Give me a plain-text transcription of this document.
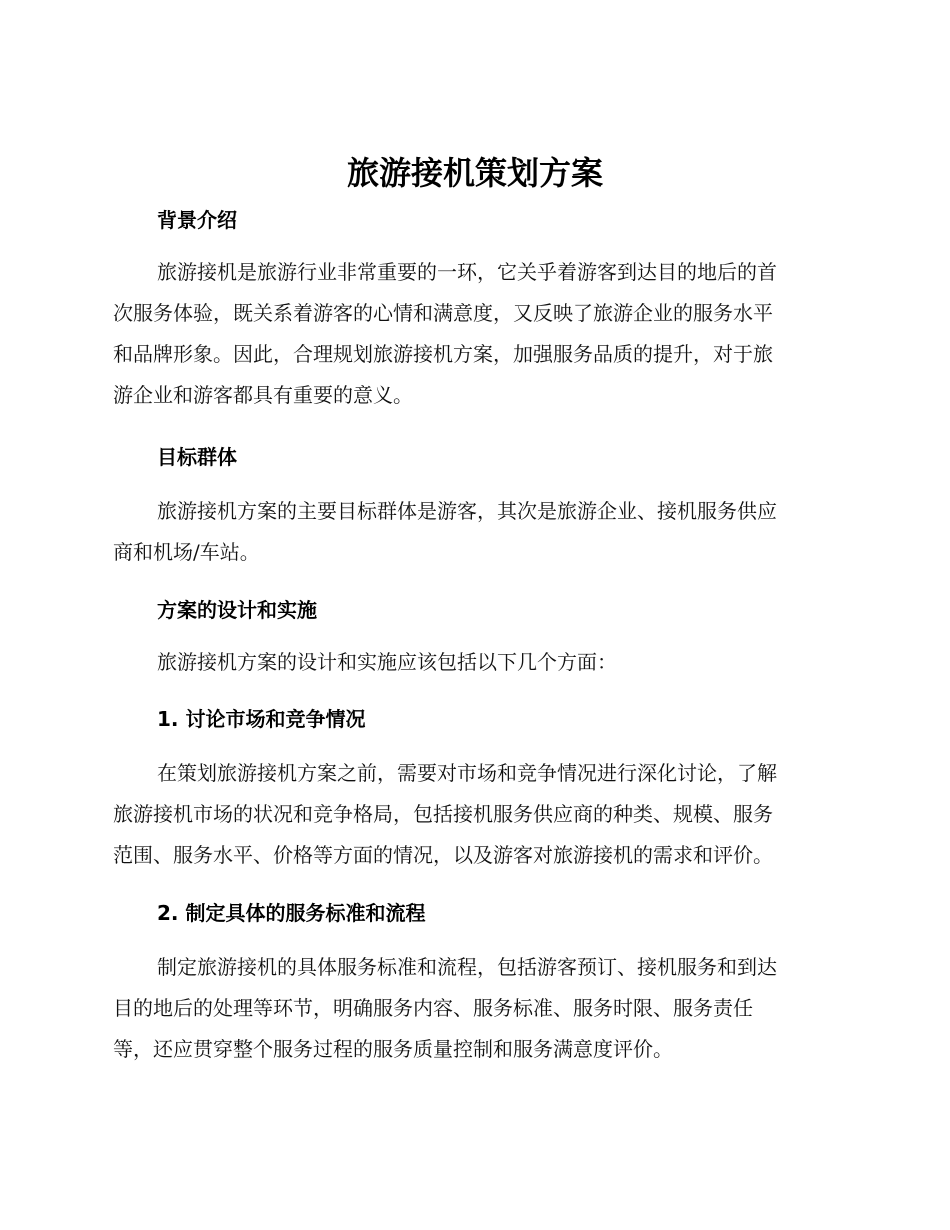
旅游接机策划方案
背景介绍
旅游接机是旅游行业非常重要的一环，它关乎着游客到达目的地后的首
次服务体验，既关系着游客的心情和满意度，又反映了旅游企业的服务水平
和品牌形象。因此，合理规划旅游接机方案，加强服务品质的提升，对于旅
游企业和游客都具有重要的意义。
目标群体
旅游接机方案的主要目标群体是游客，其次是旅游企业、接机服务供应
商和机场/车站。
方案的设计和实施
旅游接机方案的设计和实施应该包括以下几个方面：
1. 讨论市场和竞争情况
在策划旅游接机方案之前，需要对市场和竞争情况进行深化讨论，了解
旅游接机市场的状况和竞争格局，包括接机服务供应商的种类、规模、服务
范围、服务水平、价格等方面的情况，以及游客对旅游接机的需求和评价。
2. 制定具体的服务标准和流程
制定旅游接机的具体服务标准和流程，包括游客预订、接机服务和到达
目的地后的处理等环节，明确服务内容、服务标准、服务时限、服务责任
等，还应贯穿整个服务过程的服务质量控制和服务满意度评价。
